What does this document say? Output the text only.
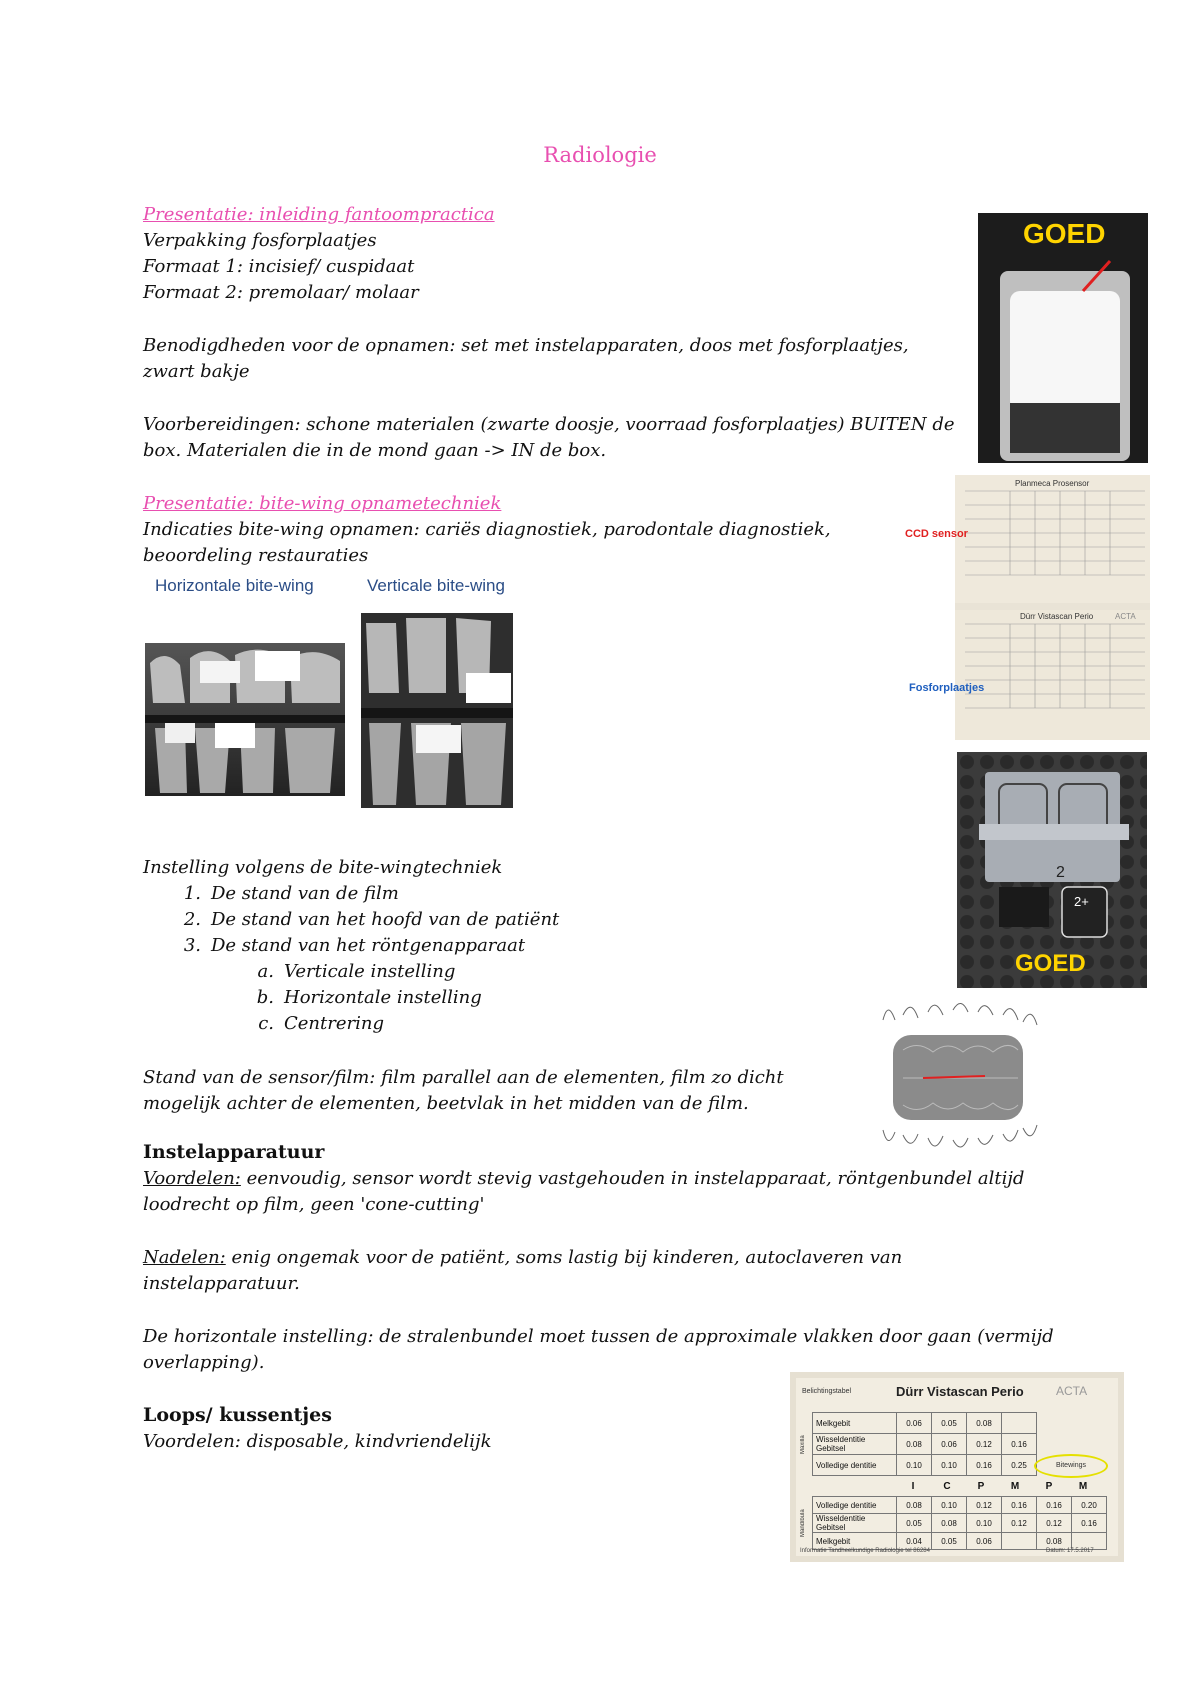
Radiologie
Presentatie: inleiding fantoompractica
Verpakking fosforplaatjes
Formaat 1: incisief/ cuspidaat
Formaat 2: premolaar/ molaar
Benodigdheden voor de opnamen: set met instelapparaten, doos met fosforplaatjes,
zwart bakje
Voorbereidingen: schone materialen (zwarte doosje, voorraad fosforplaatjes) BUITEN de
box. Materialen die in de mond gaan -> IN de box.
Presentatie: bite-wing opnametechniek
Indicaties bite-wing opnamen: cariës diagnostiek, parodontale diagnostiek,
beoordeling restauraties
Horizontale bite-wing	Verticale bite-wing
GOED
Planmeca Prosensor
Dürr Vistascan Perio	ACTA
CCD sensor
Fosforplaatjes
2
2+
GOED
Instelling volgens de bite-wingtechniek
1. De stand van de film
2. De stand van het hoofd van de patiënt
3. De stand van het röntgenapparaat
a. Verticale instelling
b. Horizontale instelling
c. Centrering
Stand van de sensor/film: film parallel aan de elementen, film zo dicht
mogelijk achter de elementen, beetvlak in het midden van de film.
Instelapparatuur
Voordelen: eenvoudig, sensor wordt stevig vastgehouden in instelapparaat, röntgenbundel altijd
loodrecht op film, geen 'cone-cutting'
Nadelen: enig ongemak voor de patiënt, soms lastig bij kinderen, autoclaveren van
instelapparatuur.
De horizontale instelling: de stralenbundel moet tussen de approximale vlakken door gaan (vermijd
overlapping).
Loops/ kussentjes
Voordelen: disposable, kindvriendelijk
Belichtingstabel	Dürr Vistascan Perio	ACTA
Maxilla
Melkgebit	0.06	0.05	0.08	
Wisseldentitie Gebitsel	0.08	0.06	0.12	0.16
Volledige dentitie	0.10	0.10	0.16	0.25	Bitewings
I	C	P	M	P	M
Mandibula
Volledige dentitie	0.08	0.10	0.12	0.16	0.16	0.20
Wisseldentitie Gebitsel	0.05	0.08	0.10	0.12	0.12	0.16
Melkgebit	0.04	0.05	0.06		0.08	
Informatie Tandheelkundige Radiologie tel 86284	Datum: 17.5.2017
